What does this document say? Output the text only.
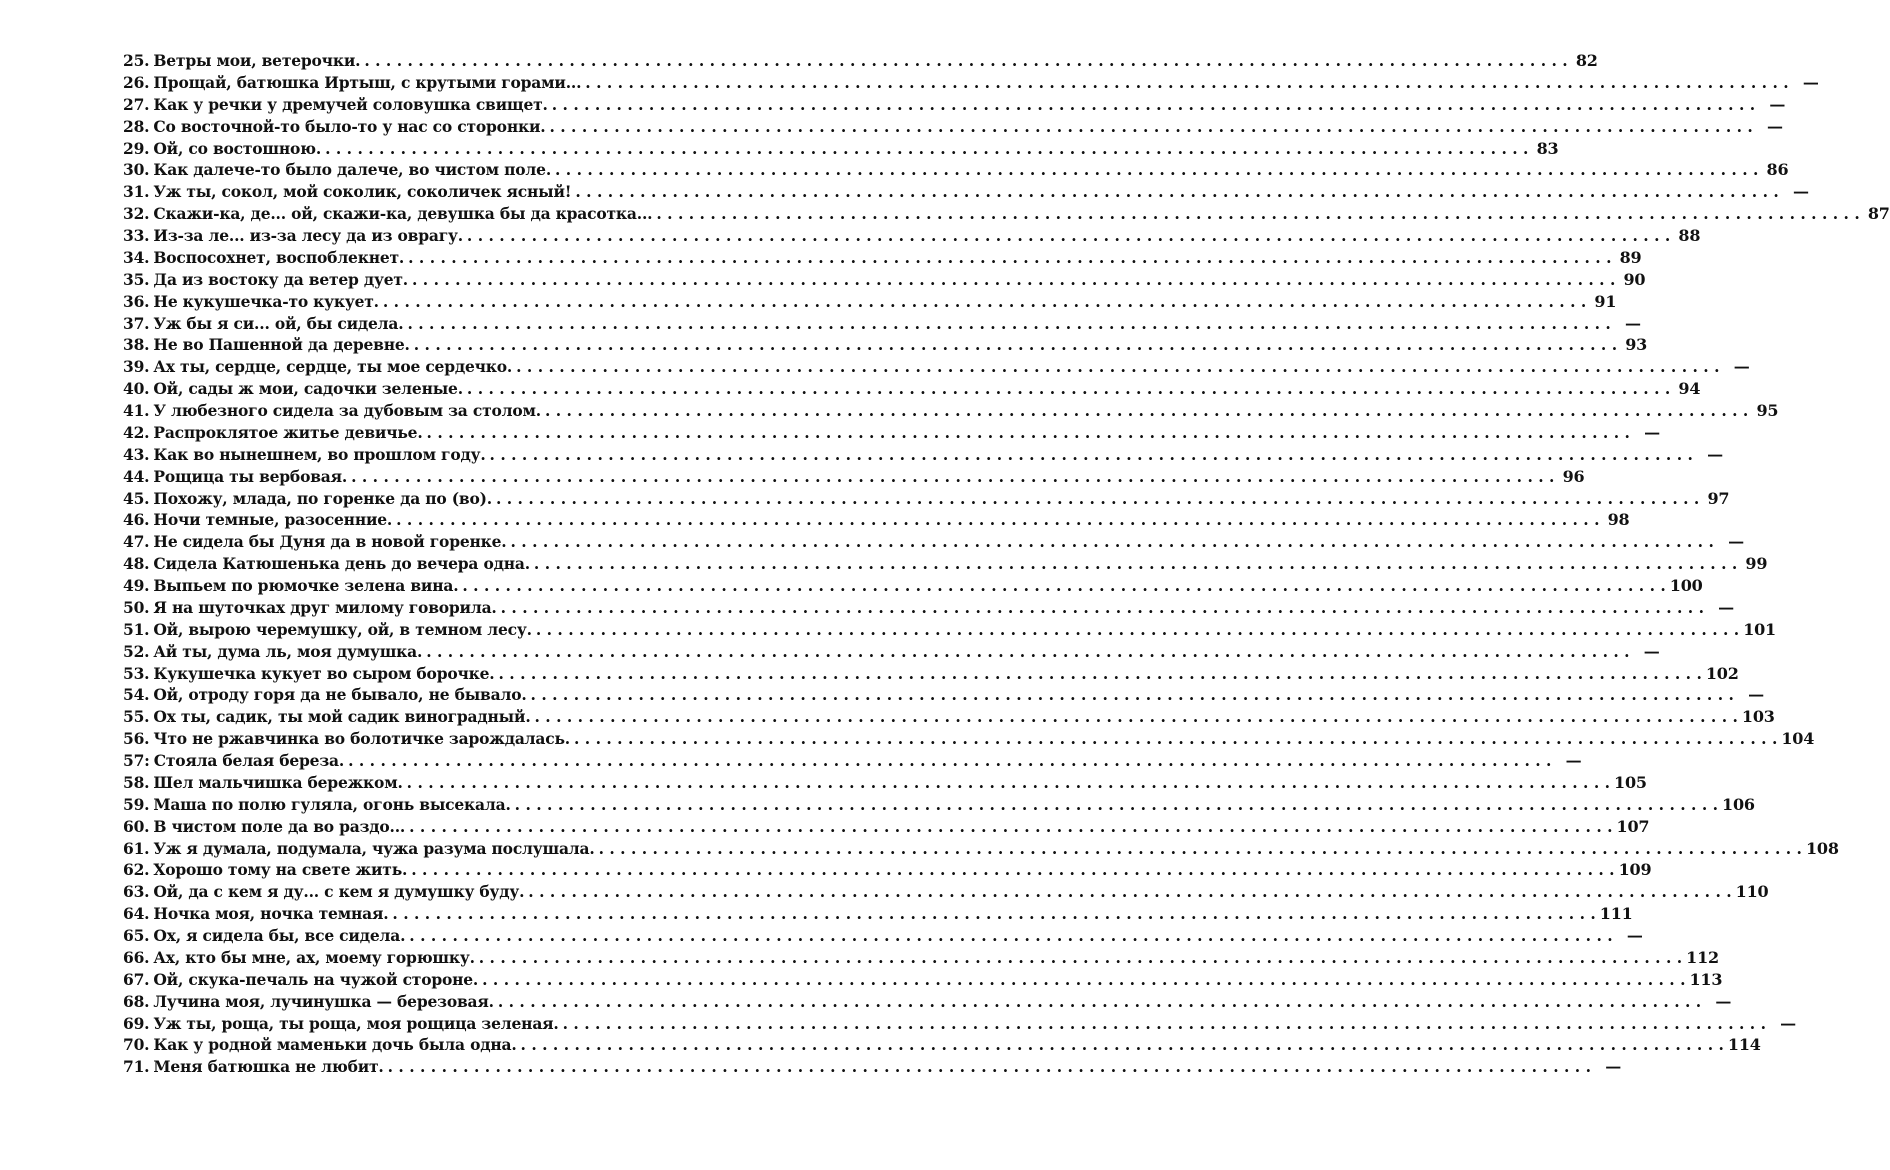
25. Ветры мои, ветерочки. . . .	82
26. Прощай, батюшка Иртыш, с крутыми горами... . . .	—
27. Как у речки у дремучей соловушка свищет. . . .	—
28. Со восточной-то было-то у нас со сторонки. . . .	—
29. Ой, со востошною. . . .	83
30. Как далече-то было далече, во чистом поле. . . .	86
31. Уж ты, сокол, мой соколик, соколичек ясный! . . .	—
32. Скажи-ка, де... ой, скажи-ка, девушка бы да красотка... . . .	87
33. Из-за ле... из-за лесу да из оврагу. . . .	88
34. Воспосохнет, воспоблекнет. . . .	89
35. Да из востоку да ветер дует. . . .	90
36. Не кукушечка-то кукует. . . .	91
37. Уж бы я си... ой, бы сидела. . . .	—
38. Не во Пашенной да деревне. . . .	93
39. Ах ты, сердце, сердце, ты мое сердечко. . . .	—
40. Ой, сады ж мои, садочки зеленые. . . .	94
41. У любезного сидела за дубовым за столом. . . .	95
42. Распроклятое житье девичье. . . .	—
43. Как во нынешнем, во прошлом году. . . .	—
44. Рощица ты вербовая. . . .	96
45. Похожу, млада, по горенке да по (во). . . .	97
46. Ночи темные, разосенние. . . .	98
47. Не сидела бы Дуня да в новой горенке. . . .	—
48. Сидела Катюшенька день до вечера одна. . . .	99
49. Выпьем по рюмочке зелена вина. . . .	100
50. Я на шуточках друг милому говорила. . . .	—
51. Ой, вырою черемушку, ой, в темном лесу. . . .	101
52. Ай ты, дума ль, моя думушка. . . .	—
53. Кукушечка кукует во сыром борочке. . . .	102
54. Ой, отроду горя да не бывало, не бывало. . . .	—
55. Ох ты, садик, ты мой садик виноградный. . . .	103
56. Что не ржавчинка во болотичке зарождалась. . . .	104
57: Стояла белая береза. . . .	—
58. Шел мальчишка бережком. . . .	105
59. Маша по полю гуляла, огонь высекала. . . .	106
60. В чистом поле да во раздо... . . .	107
61. Уж я думала, подумала, чужа разума послушала. . . .	108
62. Хорошо тому на свете жить. . . .	109
63. Ой, да с кем я ду... с кем я думушку буду. . . .	110
64. Ночка моя, ночка темная. . . .	111
65. Ох, я сидела бы, все сидела. . . .	—
66. Ах, кто бы мне, ах, моему горюшку. . . .	112
67. Ой, скука-печаль на чужой стороне. . . .	113
68. Лучина моя, лучинушка — березовая. . . .	—
69. Уж ты, роща, ты роща, моя рощица зеленая. . . .	—
70. Как у родной маменьки дочь была одна. . . .	114
71. Меня батюшка не любит. . . .	—
